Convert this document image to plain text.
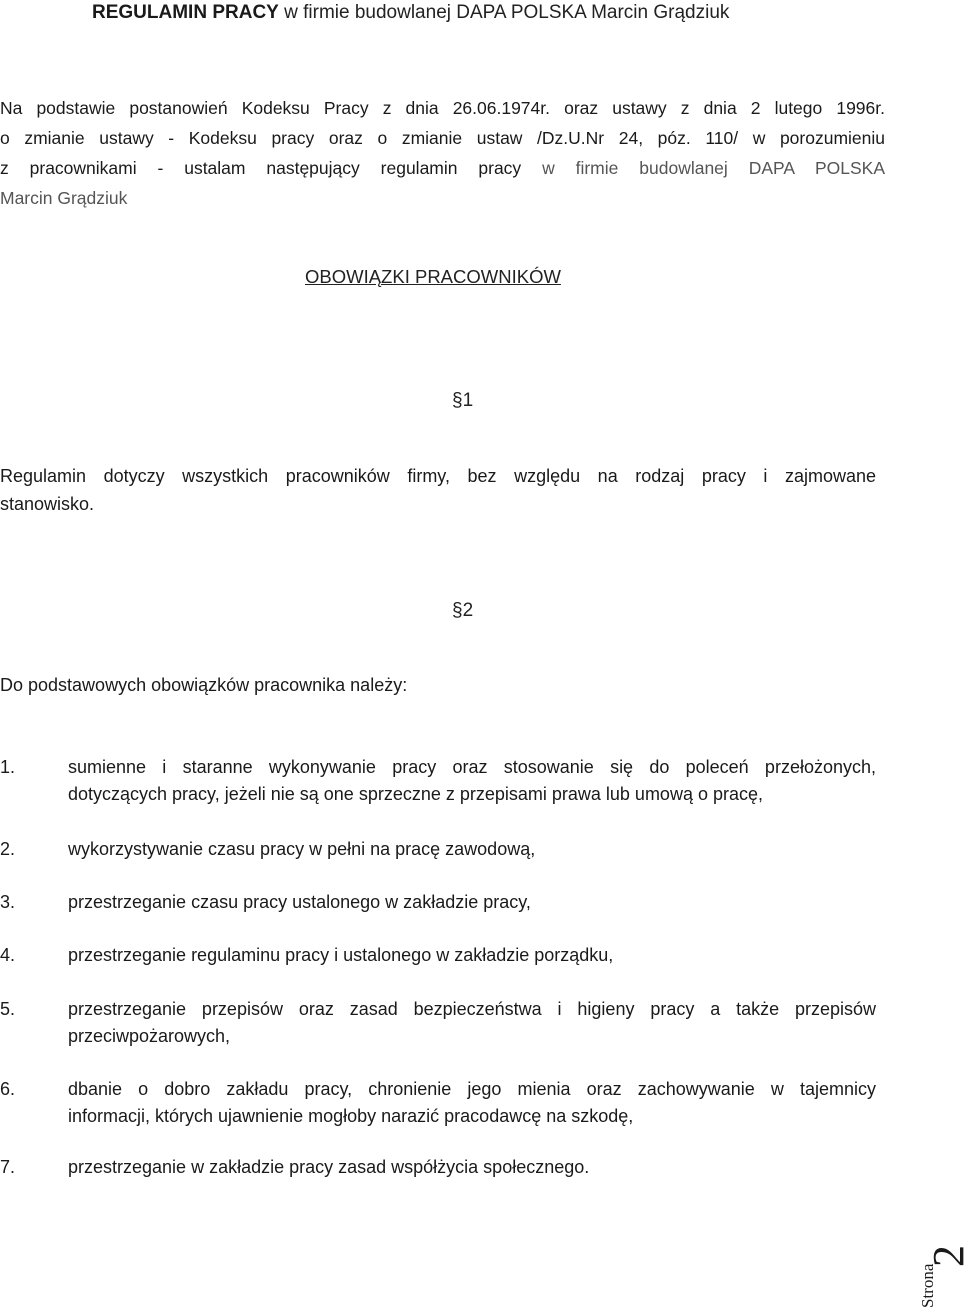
REGULAMIN PRACY w firmie budowlanej DAPA POLSKA Marcin Grądziuk
Na podstawie postanowień Kodeksu Pracy z dnia 26.06.1974r. oraz ustawy z dnia 2 lutego 1996r.
o zmianie ustawy - Kodeksu pracy oraz o zmianie ustaw /Dz.U.Nr 24, póz. 110/ w porozumieniu
z pracownikami - ustalam następujący regulamin pracy w firmie budowlanej DAPA POLSKA
Marcin Grądziuk
OBOWIĄZKI PRACOWNIKÓW
§1
Regulamin dotyczy wszystkich pracowników firmy, bez względu na rodzaj pracy i zajmowane
stanowisko.
§2
Do podstawowych obowiązków pracownika należy:
1.	sumienne i staranne wykonywanie pracy oraz stosowanie się do poleceń przełożonych,
dotyczących pracy, jeżeli nie są one sprzeczne z przepisami prawa lub umową o pracę,
2.	wykorzystywanie czasu pracy w pełni na pracę zawodową,
3.	przestrzeganie czasu pracy ustalonego w zakładzie pracy,
4.	przestrzeganie regulaminu pracy i ustalonego w zakładzie porządku,
5.	przestrzeganie przepisów oraz zasad bezpieczeństwa i higieny pracy a także przepisów
przeciwpożarowych,
6.	dbanie o dobro zakładu pracy, chronienie jego mienia oraz zachowywanie w tajemnicy
informacji, których ujawnienie mogłoby narazić pracodawcę na szkodę,
7.	przestrzeganie w zakładzie pracy zasad współżycia społecznego.
Strona
2
